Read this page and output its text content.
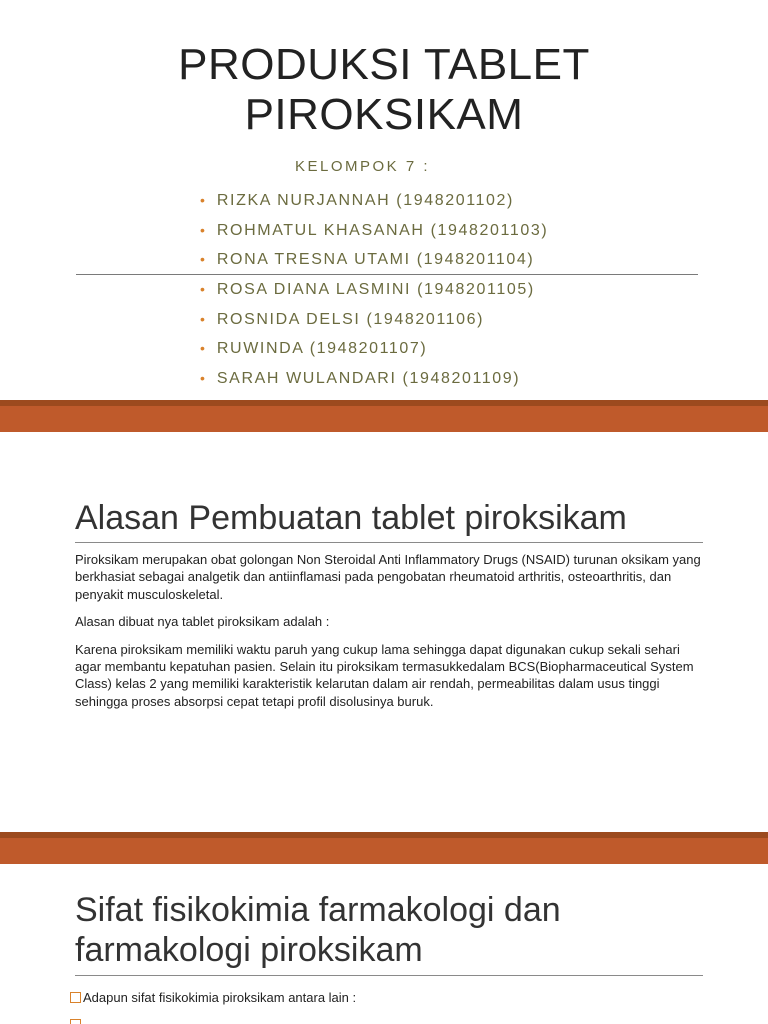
PRODUKSI TABLET
PIROKSIKAM
KELOMPOK 7 :
• RIZKA NURJANNAH (1948201102)
• ROHMATUL KHASANAH (1948201103)
• RONA TRESNA UTAMI (1948201104)
• ROSA DIANA LASMINI (1948201105)
• ROSNIDA DELSI (1948201106)
• RUWINDA (1948201107)
• SARAH WULANDARI (1948201109)
Alasan Pembuatan tablet piroksikam

Piroksikam merupakan obat golongan Non Steroidal Anti Inflammatory Drugs (NSAID) turunan oksikam yang berkhasiat sebagai analgetik dan antiinflamasi pada pengobatan rheumatoid arthritis, osteoarthritis, dan penyakit musculoskeletal.

Alasan dibuat nya tablet piroksikam adalah :

Karena piroksikam memiliki waktu paruh yang cukup lama sehingga dapat digunakan cukup sekali sehari agar membantu kepatuhan pasien. Selain itu piroksikam termasukkedalam BCS(Biopharmaceutical System Class) kelas 2 yang memiliki karakteristik kelarutan dalam air rendah, permeabilitas dalam usus tinggi sehingga proses absorpsi cepat tetapi profil disolusinya buruk.

Sifat fisikokimia farmakologi dan
farmakologi piroksikam
Adapun sifat fisikokimia piroksikam antara lain :
